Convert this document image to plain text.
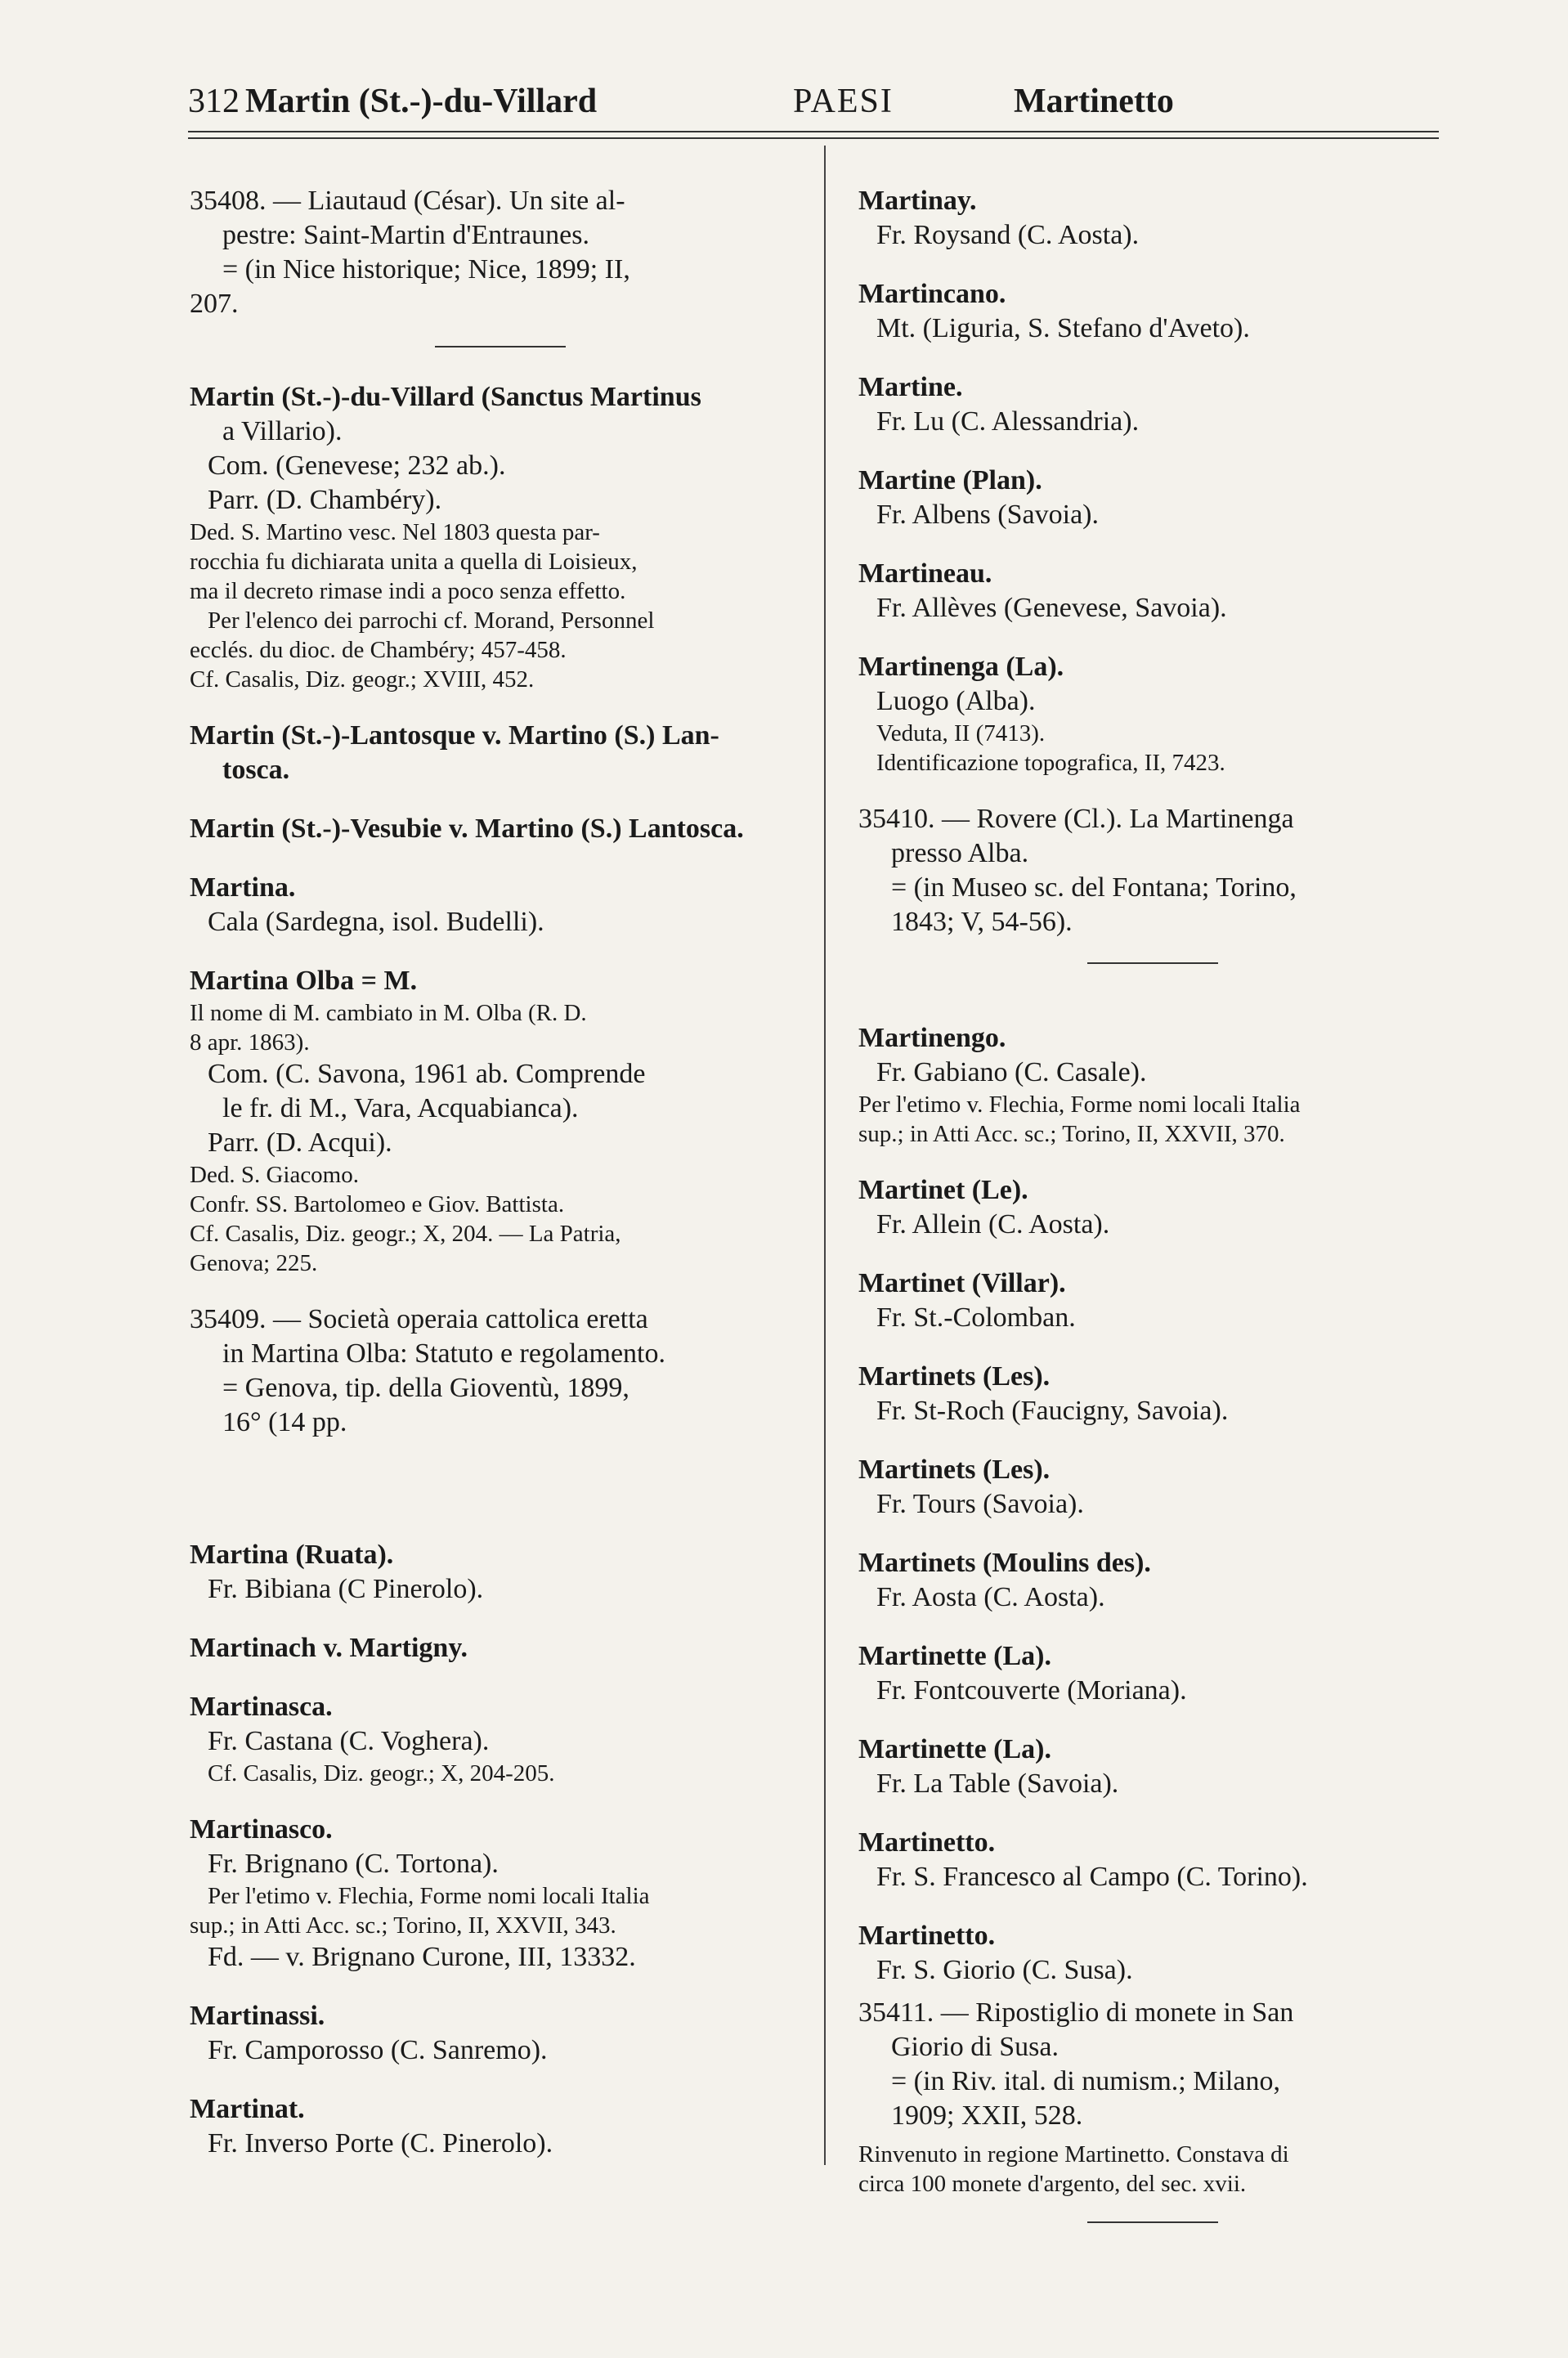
312 Martin (St.-)-du-Villard	PAESI	Martinetto
35408. — Liautaud (César). Un site al-
pestre: Saint-Martin d'Entraunes.
= (in Nice historique; Nice, 1899; II,
207.
Martin (St.-)-du-Villard (Sanctus Martinus
a Villario).
Com. (Genevese; 232 ab.).
Parr. (D. Chambéry).
Ded. S. Martino vesc. Nel 1803 questa par-
rocchia fu dichiarata unita a quella di Loisieux,
ma il decreto rimase indi a poco senza effetto.
Per l'elenco dei parrochi cf. Morand, Personnel
ecclés. du dioc. de Chambéry; 457-458.
Cf. Casalis, Diz. geogr.; XVIII, 452.
Martin (St.-)-Lantosque v. Martino (S.) Lan-
tosca.
Martin (St.-)-Vesubie v. Martino (S.) Lantosca.
Martina.
Cala (Sardegna, isol. Budelli).
Martina Olba = M.
Il nome di M. cambiato in M. Olba (R. D.
8 apr. 1863).
Com. (C. Savona, 1961 ab. Comprende
le fr. di M., Vara, Acquabianca).
Parr. (D. Acqui).
Ded. S. Giacomo.
Confr. SS. Bartolomeo e Giov. Battista.
Cf. Casalis, Diz. geogr.; X, 204. — La Patria,
Genova; 225.
35409. — Società operaia cattolica eretta
in Martina Olba: Statuto e regolamento.
= Genova, tip. della Gioventù, 1899,
16° (14 pp.
Martina (Ruata).
Fr. Bibiana (C Pinerolo).
Martinach v. Martigny.
Martinasca.
Fr. Castana (C. Voghera).
Cf. Casalis, Diz. geogr.; X, 204-205.
Martinasco.
Fr. Brignano (C. Tortona).
Per l'etimo v. Flechia, Forme nomi locali Italia
sup.; in Atti Acc. sc.; Torino, II, XXVII, 343.
Fd. — v. Brignano Curone, III, 13332.
Martinassi.
Fr. Camporosso (C. Sanremo).
Martinat.
Fr. Inverso Porte (C. Pinerolo).
Martinay.
Fr. Roysand (C. Aosta).
Martincano.
Mt. (Liguria, S. Stefano d'Aveto).
Martine.
Fr. Lu (C. Alessandria).
Martine (Plan).
Fr. Albens (Savoia).
Martineau.
Fr. Allèves (Genevese, Savoia).
Martinenga (La).
Luogo (Alba).
Veduta, II (7413).
Identificazione topografica, II, 7423.
35410. — Rovere (Cl.). La Martinenga
presso Alba.
= (in Museo sc. del Fontana; Torino,
1843; V, 54-56).
Martinengo.
Fr. Gabiano (C. Casale).
Per l'etimo v. Flechia, Forme nomi locali Italia
sup.; in Atti Acc. sc.; Torino, II, XXVII, 370.
Martinet (Le).
Fr. Allein (C. Aosta).
Martinet (Villar).
Fr. St.-Colomban.
Martinets (Les).
Fr. St-Roch (Faucigny, Savoia).
Martinets (Les).
Fr. Tours (Savoia).
Martinets (Moulins des).
Fr. Aosta (C. Aosta).
Martinette (La).
Fr. Fontcouverte (Moriana).
Martinette (La).
Fr. La Table (Savoia).
Martinetto.
Fr. S. Francesco al Campo (C. Torino).
Martinetto.
Fr. S. Giorio (C. Susa).
35411. — Ripostiglio di monete in San
Giorio di Susa.
= (in Riv. ital. di numism.; Milano,
1909; XXII, 528.
Rinvenuto in regione Martinetto. Constava di
circa 100 monete d'argento, del sec. xvii.
